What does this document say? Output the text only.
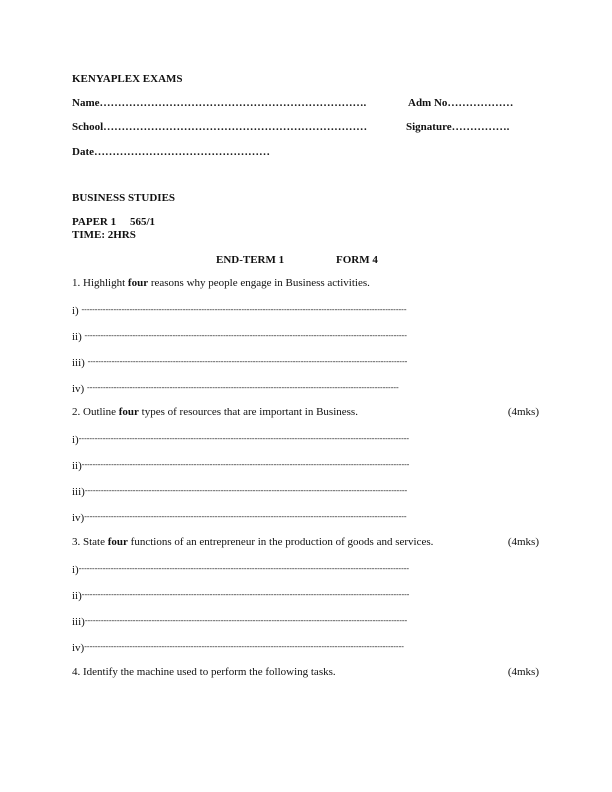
KENYAPLEX EXAMS
Name……………………………………………………………….	Adm No………………
School………………………………………………………………	Signature…………….
Date…………………………………………
BUSINESS STUDIES
PAPER 1 565/1
TIME: 2HRS
END-TERM 1	FORM 4
1. Highlight four reasons why people engage in Business activities.
i) --------------------------------------------------------------------------------------------------------------------------
ii) -------------------------------------------------------------------------------------------------------------------------
iii) ------------------------------------------------------------------------------------------------------------------------
iv) ---------------------------------------------------------------------------------------------------------------------
2. Outline four types of resources that are important in Business.	(4mks)
i)----------------------------------------------------------------------------------------------------------------------------
ii)---------------------------------------------------------------------------------------------------------------------------
iii)-------------------------------------------------------------------------------------------------------------------------
iv)-------------------------------------------------------------------------------------------------------------------------
3. State four functions of an entrepreneur in the production of goods and services.	(4mks)
i)----------------------------------------------------------------------------------------------------------------------------
ii)---------------------------------------------------------------------------------------------------------------------------
iii)-------------------------------------------------------------------------------------------------------------------------
iv)------------------------------------------------------------------------------------------------------------------------
4. Identify the machine used to perform the following tasks.	(4mks)
